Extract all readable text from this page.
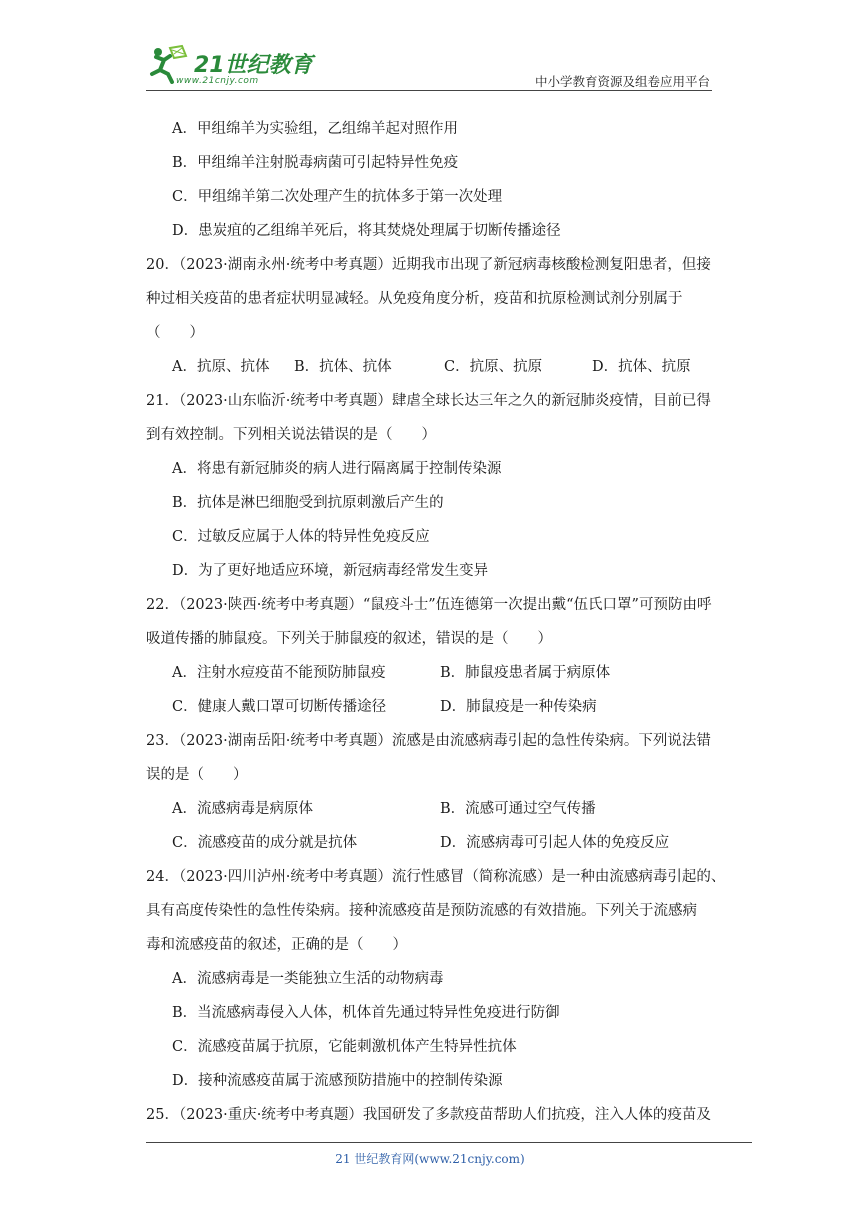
21世纪教育
www.21cnjy.com	中小学教育资源及组卷应用平台
A．甲组绵羊为实验组，乙组绵羊起对照作用
B．甲组绵羊注射脱毒病菌可引起特异性免疫
C．甲组绵羊第二次处理产生的抗体多于第一次处理
D．患炭疽的乙组绵羊死后，将其焚烧处理属于切断传播途径
20．（2023·湖南永州·统考中考真题）近期我市出现了新冠病毒核酸检测复阳患者，但接
种过相关疫苗的患者症状明显减轻。从免疫角度分析，疫苗和抗原检测试剂分别属于
（　　）
A．抗原、抗体	B．抗体、抗体	C．抗原、抗原	D．抗体、抗原
21．（2023·山东临沂·统考中考真题）肆虐全球长达三年之久的新冠肺炎疫情，目前已得
到有效控制。下列相关说法错误的是（　　）
A．将患有新冠肺炎的病人进行隔离属于控制传染源
B．抗体是淋巴细胞受到抗原刺激后产生的
C．过敏反应属于人体的特异性免疫反应
D．为了更好地适应环境，新冠病毒经常发生变异
22．（2023·陕西·统考中考真题）“鼠疫斗士”伍连德第一次提出戴“伍氏口罩”可预防由呼
吸道传播的肺鼠疫。下列关于肺鼠疫的叙述，错误的是（　　）
A．注射水痘疫苗不能预防肺鼠疫	B．肺鼠疫患者属于病原体
C．健康人戴口罩可切断传播途径	D．肺鼠疫是一种传染病
23．（2023·湖南岳阳·统考中考真题）流感是由流感病毒引起的急性传染病。下列说法错
误的是（　　）
A．流感病毒是病原体	B．流感可通过空气传播
C．流感疫苗的成分就是抗体	D．流感病毒可引起人体的免疫反应
24．（2023·四川泸州·统考中考真题）流行性感冒（简称流感）是一种由流感病毒引起的、
具有高度传染性的急性传染病。接种流感疫苗是预防流感的有效措施。下列关于流感病
毒和流感疫苗的叙述，正确的是（　　）
A．流感病毒是一类能独立生活的动物病毒
B．当流感病毒侵入人体，机体首先通过特异性免疫进行防御
C．流感疫苗属于抗原，它能刺激机体产生特异性抗体
D．接种流感疫苗属于流感预防措施中的控制传染源
25．（2023·重庆·统考中考真题）我国研发了多款疫苗帮助人们抗疫，注入人体的疫苗及
21 世纪教育网(www.21cnjy.com)
